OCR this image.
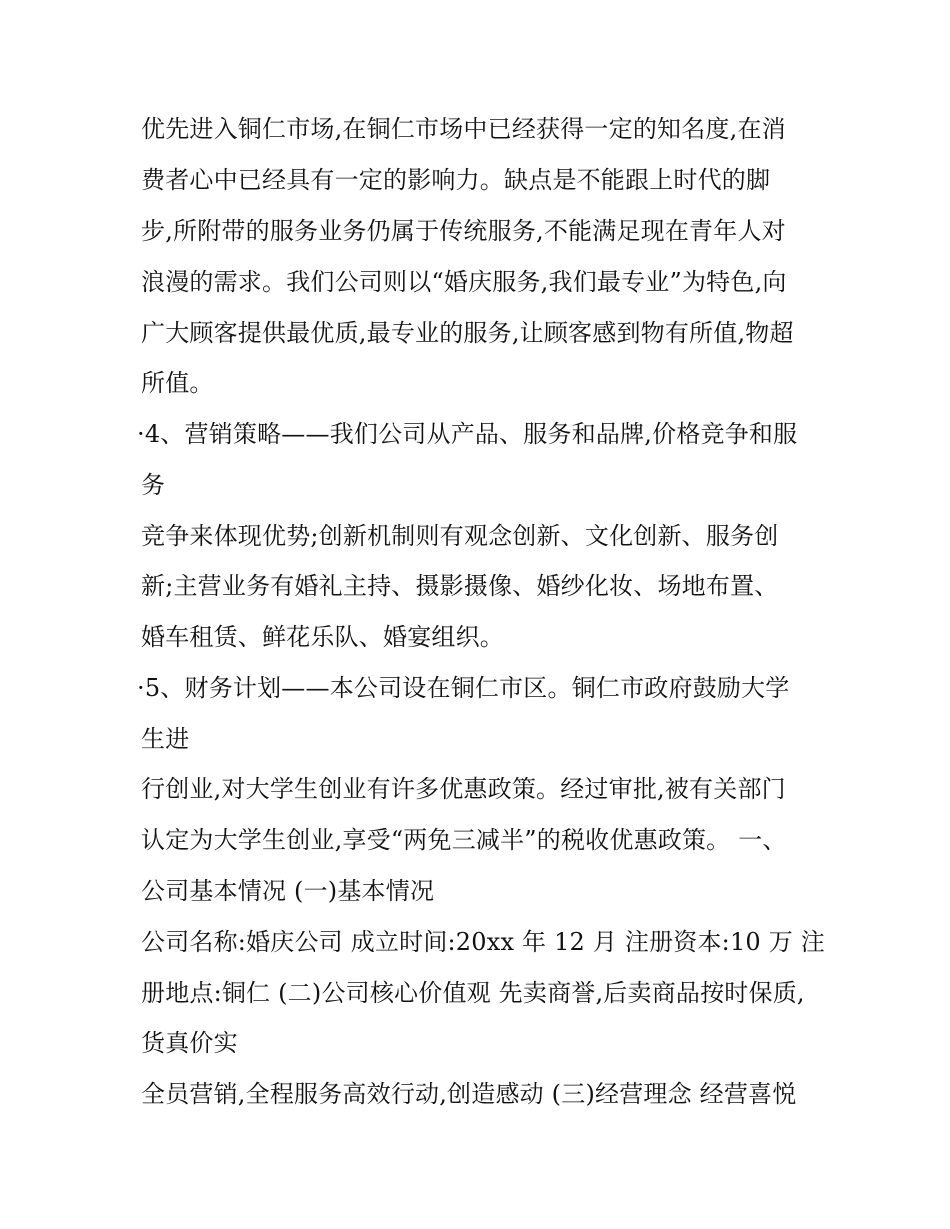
优先进入铜仁市场,在铜仁市场中已经获得一定的知名度,在消
费者心中已经具有一定的影响力。缺点是不能跟上时代的脚
步,所附带的服务业务仍属于传统服务,不能满足现在青年人对
浪漫的需求。我们公司则以“婚庆服务,我们最专业”为特色,向
广大顾客提供最优质,最专业的服务,让顾客感到物有所值,物超
所值。
·4、营销策略——我们公司从产品、服务和品牌,价格竞争和服
务
竞争来体现优势;创新机制则有观念创新、文化创新、服务创
新;主营业务有婚礼主持、摄影摄像、婚纱化妆、场地布置、
婚车租赁、鲜花乐队、婚宴组织。
·5、财务计划——本公司设在铜仁市区。铜仁市政府鼓励大学
生进
行创业,对大学生创业有许多优惠政策。经过审批,被有关部门
认定为大学生创业,享受“两免三减半”的税收优惠政策。 一、
公司基本情况 (一)基本情况
公司名称:婚庆公司 成立时间:20xx 年 12 月 注册资本:10 万 注
册地点:铜仁 (二)公司核心价值观 先卖商誉,后卖商品按时保质,
货真价实
全员营销,全程服务高效行动,创造感动 (三)经营理念 经营喜悦
